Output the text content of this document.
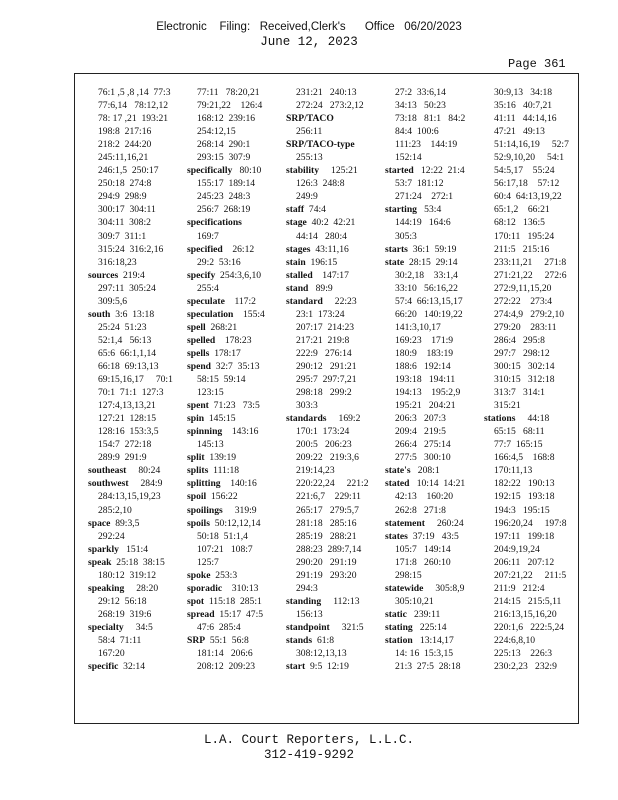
Electronic    Filing:   Received,Clerk's      Office   06/20/2023
June 12, 2023
Page 361
76:1 ,5 ,8 ,14  77:3
77:6,14   78:12,12
78: 17 ,21  193:21
198:8  217:16
218:2  244:20
245:11,16,21
246:1,5  250:17
250:18  274:8
294:9  298:9
300:17  304:11
304:11  308:2
309:7  311:1
315:24  316:2,16
316:18,23
sources  219:4
297:11  305:24
309:5,6
south  3:6  13:18
25:24  51:23
52:1,4   56:13
65:6  66:1,1,14
66:18  69:13,13
69:15,16,17     70:1
70:1  71:1  127:3
127:4,13,13,21
127:21  128:15
128:16  153:3,5
154:7  272:18
289:9  291:9
southeast     80:24
southwest     284:9
284:13,15,19,23
285:2,10
space  89:3,5
292:24
sparkly   151:4
speak  25:18  38:15
180:12  319:12
speaking     28:20
29:12  56:18
268:19  319:6
specialty     34:5
58:4  71:11
167:20
specific  32:14
77:11   78:20,21
79:21,22    126:4
168:12  239:16
254:12,15
268:14  290:1
293:15  307:9
specifically   80:10
155:17  189:14
245:23  248:3
256:7  268:19
specifications
169:7
specified    26:12
29:2  53:16
specify  254:3,6,10
255:4
speculate    117:2
speculation    155:4
spell  268:21
spelled    178:23
spells  178:17
spend  32:7  35:13
58:15  59:14
123:15
spent  71:23   73:5
spin  145:15
spinning    143:16
145:13
split  139:19
splits  111:18
splitting    140:16
spoil  156:22
spoilings     319:9
spoils  50:12,12,14
50:18  51:1,4
107:21   108:7
125:7
spoke  253:3
sporadic    310:13
spot  115:18  285:1
spread  15:17  47:5
47:6  285:4
SRP  55:1  56:8
181:14   206:6
208:12  209:23
231:21   240:13
272:24   273:2,12
SRP/TACO
256:11
SRP/TACO-type
255:13
stability     125:21
126:3  248:8
249:9
staff  74:4
stage  40:2  42:21
44:14   280:4
stages  43:11,16
stain  196:15
stalled    147:17
stand   89:9
standard     22:23
23:1  173:24
207:17  214:23
217:21  219:8
222:9   276:14
290:12   291:21
295:7  297:7,21
298:18   299:2
303:3
standards     169:2
170:1  173:24
200:5   206:23
209:22   219:3,6
219:14,23
220:22,24     221:2
221:6,7    229:11
265:17   279:5,7
281:18   285:16
285:19   288:21
288:23  289:7,14
290:20   291:19
291:19   293:20
294:3
standing     112:13
156:13
standpoint     321:5
stands  61:8
308:12,13,13
start  9:5  12:19
27:2  33:6,14
34:13   50:23
73:18   81:1   84:2
84:4  100:6
111:23    144:19
152:14
started   12:22  21:4
53:7  181:12
271:24    272:1
starting   53:4
144:19   164:6
305:3
starts  36:1  59:19
state  28:15  29:14
30:2,18    33:1,4
33:10   56:16,22
57:4  66:13,15,17
66:20   140:19,22
141:3,10,17
169:23    171:9
180:9    183:19
188:6   192:14
193:18   194:11
194:13    195:2,9
195:21   204:21
206:3   207:3
209:4   219:5
266:4   275:14
277:5   300:10
state's   208:1
stated   10:14  14:21
42:13    160:20
262:8   271:8
statement     260:24
states  37:19   43:5
105:7   149:14
171:8   260:10
298:15
statewide     305:8,9
305:10,21
static   239:11
stating   225:14
station   13:14,17
14: 16  15:3,15
21:3  27:5  28:18
30:9,13   34:18
35:16   40:7,21
41:11   44:14,16
47:21   49:13
51:14,16,19     52:7
52:9,10,20     54:1
54:5,17    55:24
56:17,18    57:12
60:4  64:13,19,22
65:1,2    66:21
68:12   136:5
170:11   195:24
211:5   215:16
233:11,21     271:8
271:21,22     272:6
272:9,11,15,20
272:22    273:4
274:4,9   279:2,10
279:20    283:11
286:4   295:8
297:7   298:12
300:15   302:14
310:15   312:18
313:7   314:1
315:21
stations     44:18
65:15   68:11
77:7  165:15
166:4,5    168:8
170:11,13
182:22   190:13
192:15   193:18
194:3   195:15
196:20,24     197:8
197:11   199:18
204:9,19,24
206:11   207:12
207:21,22     211:5
211:9   212:4
214:15   215:5,11
216:13,15,16,20
220:1,6   222:5,24
224:6,8,10
225:13    226:3
230:2,23   232:9
L.A. Court Reporters, L.L.C.
312-419-9292
